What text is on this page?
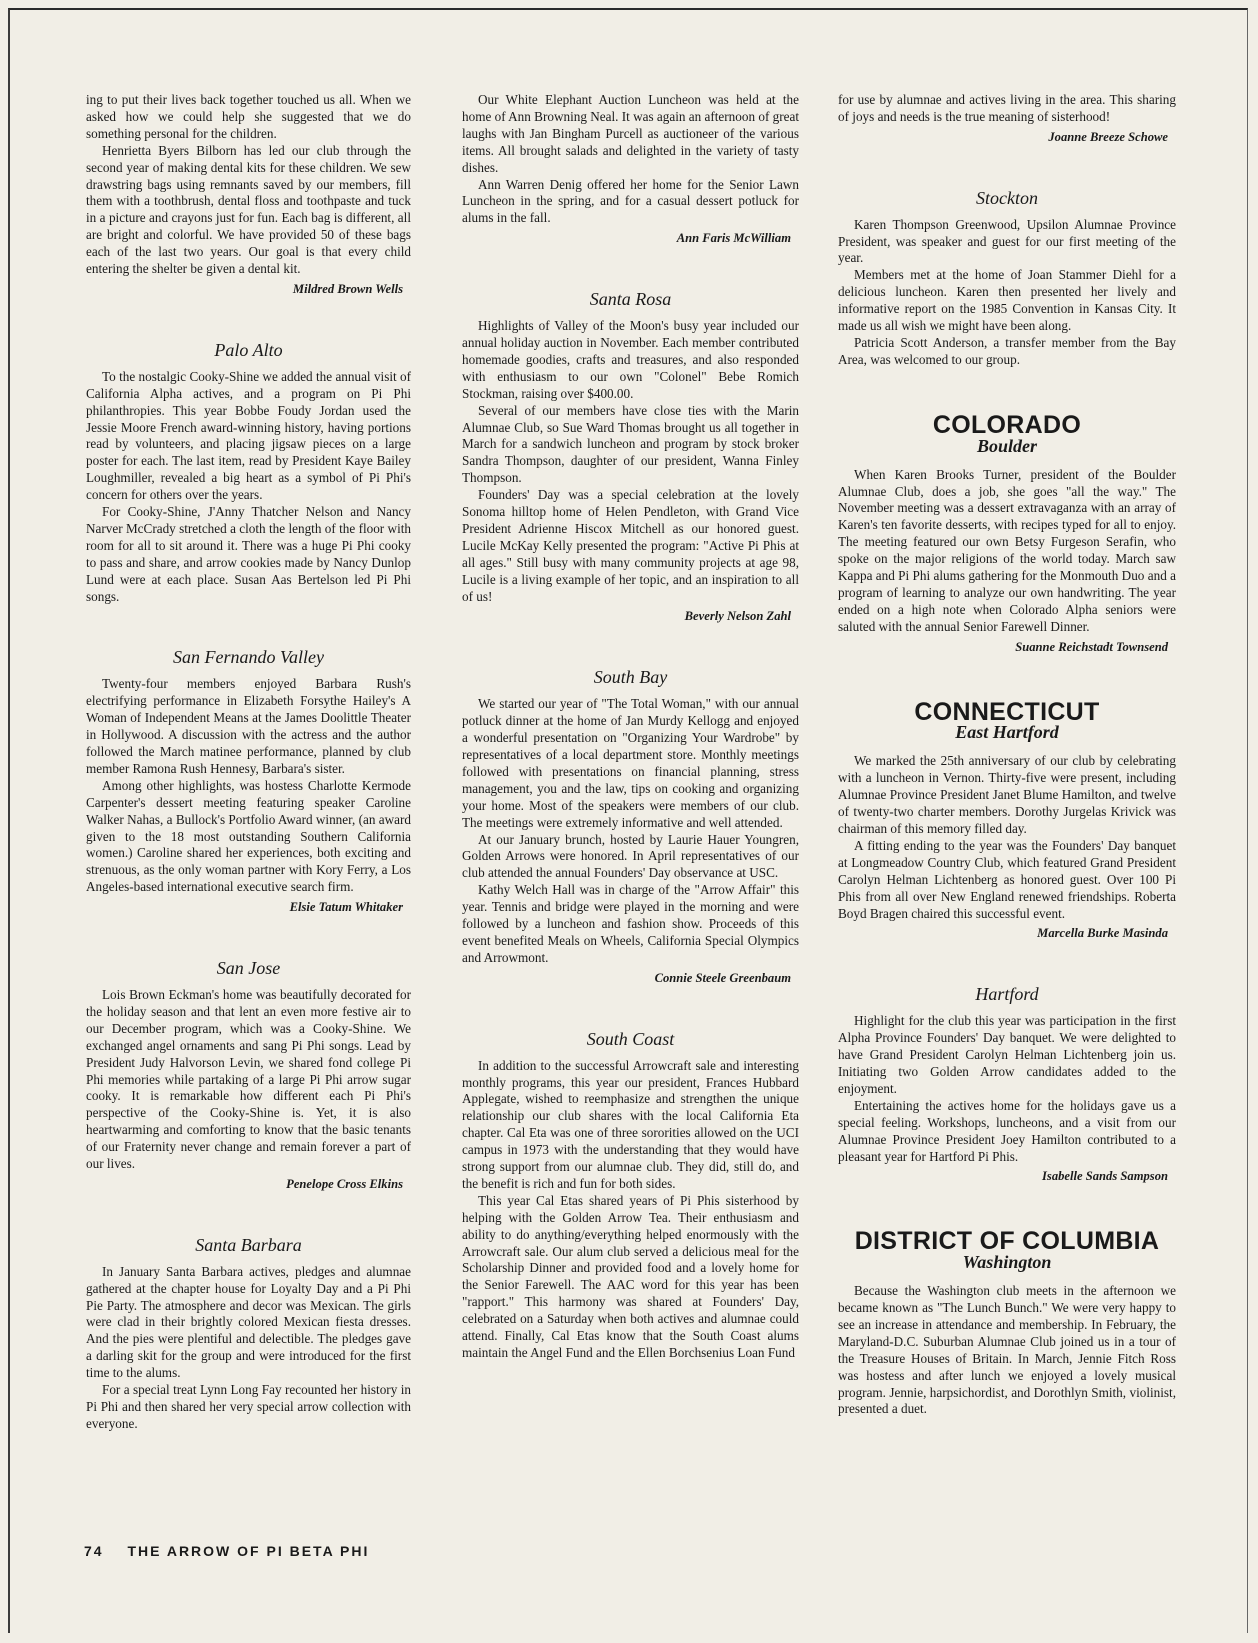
ing to put their lives back together touched us all. When we asked how we could help she suggested that we do something personal for the children.

Henrietta Byers Bilborn has led our club through the second year of making dental kits for these children. We sew drawstring bags using remnants saved by our members, fill them with a toothbrush, dental floss and toothpaste and tuck in a picture and crayons just for fun. Each bag is different, all are bright and colorful. We have provided 50 of these bags each of the last two years. Our goal is that every child entering the shelter be given a dental kit.

Mildred Brown Wells
Palo Alto

To the nostalgic Cooky-Shine we added the annual visit of California Alpha actives, and a program on Pi Phi philanthropies. This year Bobbe Foudy Jordan used the Jessie Moore French award-winning history, having portions read by volunteers, and placing jigsaw pieces on a large poster for each. The last item, read by President Kaye Bailey Loughmiller, revealed a big heart as a symbol of Pi Phi's concern for others over the years.

For Cooky-Shine, J'Anny Thatcher Nelson and Nancy Narver McCrady stretched a cloth the length of the floor with room for all to sit around it. There was a huge Pi Phi cooky to pass and share, and arrow cookies made by Nancy Dunlop Lund were at each place. Susan Aas Bertelson led Pi Phi songs.

San Fernando Valley

Twenty-four members enjoyed Barbara Rush's electrifying performance in Elizabeth Forsythe Hailey's A Woman of Independent Means at the James Doolittle Theater in Hollywood. A discussion with the actress and the author followed the March matinee performance, planned by club member Ramona Rush Hennesy, Barbara's sister.

Among other highlights, was hostess Charlotte Kermode Carpenter's dessert meeting featuring speaker Caroline Walker Nahas, a Bullock's Portfolio Award winner, (an award given to the 18 most outstanding Southern California women.) Caroline shared her experiences, both exciting and strenuous, as the only woman partner with Kory Ferry, a Los Angeles-based international executive search firm.

Elsie Tatum Whitaker
San Jose

Lois Brown Eckman's home was beautifully decorated for the holiday season and that lent an even more festive air to our December program, which was a Cooky-Shine. We exchanged angel ornaments and sang Pi Phi songs. Lead by President Judy Halvorson Levin, we shared fond college Pi Phi memories while partaking of a large Pi Phi arrow sugar cooky. It is remarkable how different each Pi Phi's perspective of the Cooky-Shine is. Yet, it is also heartwarming and comforting to know that the basic tenants of our Fraternity never change and remain forever a part of our lives.

Penelope Cross Elkins
Santa Barbara

In January Santa Barbara actives, pledges and alumnae gathered at the chapter house for Loyalty Day and a Pi Phi Pie Party. The atmosphere and decor was Mexican. The girls were clad in their brightly colored Mexican fiesta dresses. And the pies were plentiful and delectible. The pledges gave a darling skit for the group and were introduced for the first time to the alums.

For a special treat Lynn Long Fay recounted her history in Pi Phi and then shared her very special arrow collection with everyone.

Our White Elephant Auction Luncheon was held at the home of Ann Browning Neal. It was again an afternoon of great laughs with Jan Bingham Purcell as auctioneer of the various items. All brought salads and delighted in the variety of tasty dishes.

Ann Warren Denig offered her home for the Senior Lawn Luncheon in the spring, and for a casual dessert potluck for alums in the fall.

Ann Faris McWilliam
Santa Rosa

Highlights of Valley of the Moon's busy year included our annual holiday auction in November. Each member contributed homemade goodies, crafts and treasures, and also responded with enthusiasm to our own "Colonel" Bebe Romich Stockman, raising over $400.00.

Several of our members have close ties with the Marin Alumnae Club, so Sue Ward Thomas brought us all together in March for a sandwich luncheon and program by stock broker Sandra Thompson, daughter of our president, Wanna Finley Thompson.

Founders' Day was a special celebration at the lovely Sonoma hilltop home of Helen Pendleton, with Grand Vice President Adrienne Hiscox Mitchell as our honored guest. Lucile McKay Kelly presented the program: "Active Pi Phis at all ages." Still busy with many community projects at age 98, Lucile is a living example of her topic, and an inspiration to all of us!

Beverly Nelson Zahl
South Bay

We started our year of "The Total Woman," with our annual potluck dinner at the home of Jan Murdy Kellogg and enjoyed a wonderful presentation on "Organizing Your Wardrobe" by representatives of a local department store. Monthly meetings followed with presentations on financial planning, stress management, you and the law, tips on cooking and organizing your home. Most of the speakers were members of our club. The meetings were extremely informative and well attended.

At our January brunch, hosted by Laurie Hauer Youngren, Golden Arrows were honored. In April representatives of our club attended the annual Founders' Day observance at USC.

Kathy Welch Hall was in charge of the "Arrow Affair" this year. Tennis and bridge were played in the morning and were followed by a luncheon and fashion show. Proceeds of this event benefited Meals on Wheels, California Special Olympics and Arrowmont.

Connie Steele Greenbaum
South Coast

In addition to the successful Arrowcraft sale and interesting monthly programs, this year our president, Frances Hubbard Applegate, wished to reemphasize and strengthen the unique relationship our club shares with the local California Eta chapter. Cal Eta was one of three sororities allowed on the UCI campus in 1973 with the understanding that they would have strong support from our alumnae club. They did, still do, and the benefit is rich and fun for both sides.

This year Cal Etas shared years of Pi Phis sisterhood by helping with the Golden Arrow Tea. Their enthusiasm and ability to do anything/everything helped enormously with the Arrowcraft sale. Our alum club served a delicious meal for the Scholarship Dinner and provided food and a lovely home for the Senior Farewell. The AAC word for this year has been "rapport." This harmony was shared at Founders' Day, celebrated on a Saturday when both actives and alumnae could attend. Finally, Cal Etas know that the South Coast alums maintain the Angel Fund and the Ellen Borchsenius Loan Fund

for use by alumnae and actives living in the area. This sharing of joys and needs is the true meaning of sisterhood!

Joanne Breeze Schowe
Stockton

Karen Thompson Greenwood, Upsilon Alumnae Province President, was speaker and guest for our first meeting of the year.

Members met at the home of Joan Stammer Diehl for a delicious luncheon. Karen then presented her lively and informative report on the 1985 Convention in Kansas City. It made us all wish we might have been along.

Patricia Scott Anderson, a transfer member from the Bay Area, was welcomed to our group.

COLORADO
Boulder

When Karen Brooks Turner, president of the Boulder Alumnae Club, does a job, she goes "all the way." The November meeting was a dessert extravaganza with an array of Karen's ten favorite desserts, with recipes typed for all to enjoy. The meeting featured our own Betsy Furgeson Serafin, who spoke on the major religions of the world today. March saw Kappa and Pi Phi alums gathering for the Monmouth Duo and a program of learning to analyze our own handwriting. The year ended on a high note when Colorado Alpha seniors were saluted with the annual Senior Farewell Dinner.

Suanne Reichstadt Townsend
CONNECTICUT
East Hartford

We marked the 25th anniversary of our club by celebrating with a luncheon in Vernon. Thirty-five were present, including Alumnae Province President Janet Blume Hamilton, and twelve of twenty-two charter members. Dorothy Jurgelas Krivick was chairman of this memory filled day.

A fitting ending to the year was the Founders' Day banquet at Longmeadow Country Club, which featured Grand President Carolyn Helman Lichtenberg as honored guest. Over 100 Pi Phis from all over New England renewed friendships. Roberta Boyd Bragen chaired this successful event.

Marcella Burke Masinda
Hartford

Highlight for the club this year was participation in the first Alpha Province Founders' Day banquet. We were delighted to have Grand President Carolyn Helman Lichtenberg join us. Initiating two Golden Arrow candidates added to the enjoyment.

Entertaining the actives home for the holidays gave us a special feeling. Workshops, luncheons, and a visit from our Alumnae Province President Joey Hamilton contributed to a pleasant year for Hartford Pi Phis.

Isabelle Sands Sampson
DISTRICT OF COLUMBIA
Washington

Because the Washington club meets in the afternoon we became known as "The Lunch Bunch." We were very happy to see an increase in attendance and membership. In February, the Maryland-D.C. Suburban Alumnae Club joined us in a tour of the Treasure Houses of Britain. In March, Jennie Fitch Ross was hostess and after lunch we enjoyed a lovely musical program. Jennie, harpsichordist, and Dorothlyn Smith, violinist, presented a duet.

74 THE ARROW OF PI BETA PHI
